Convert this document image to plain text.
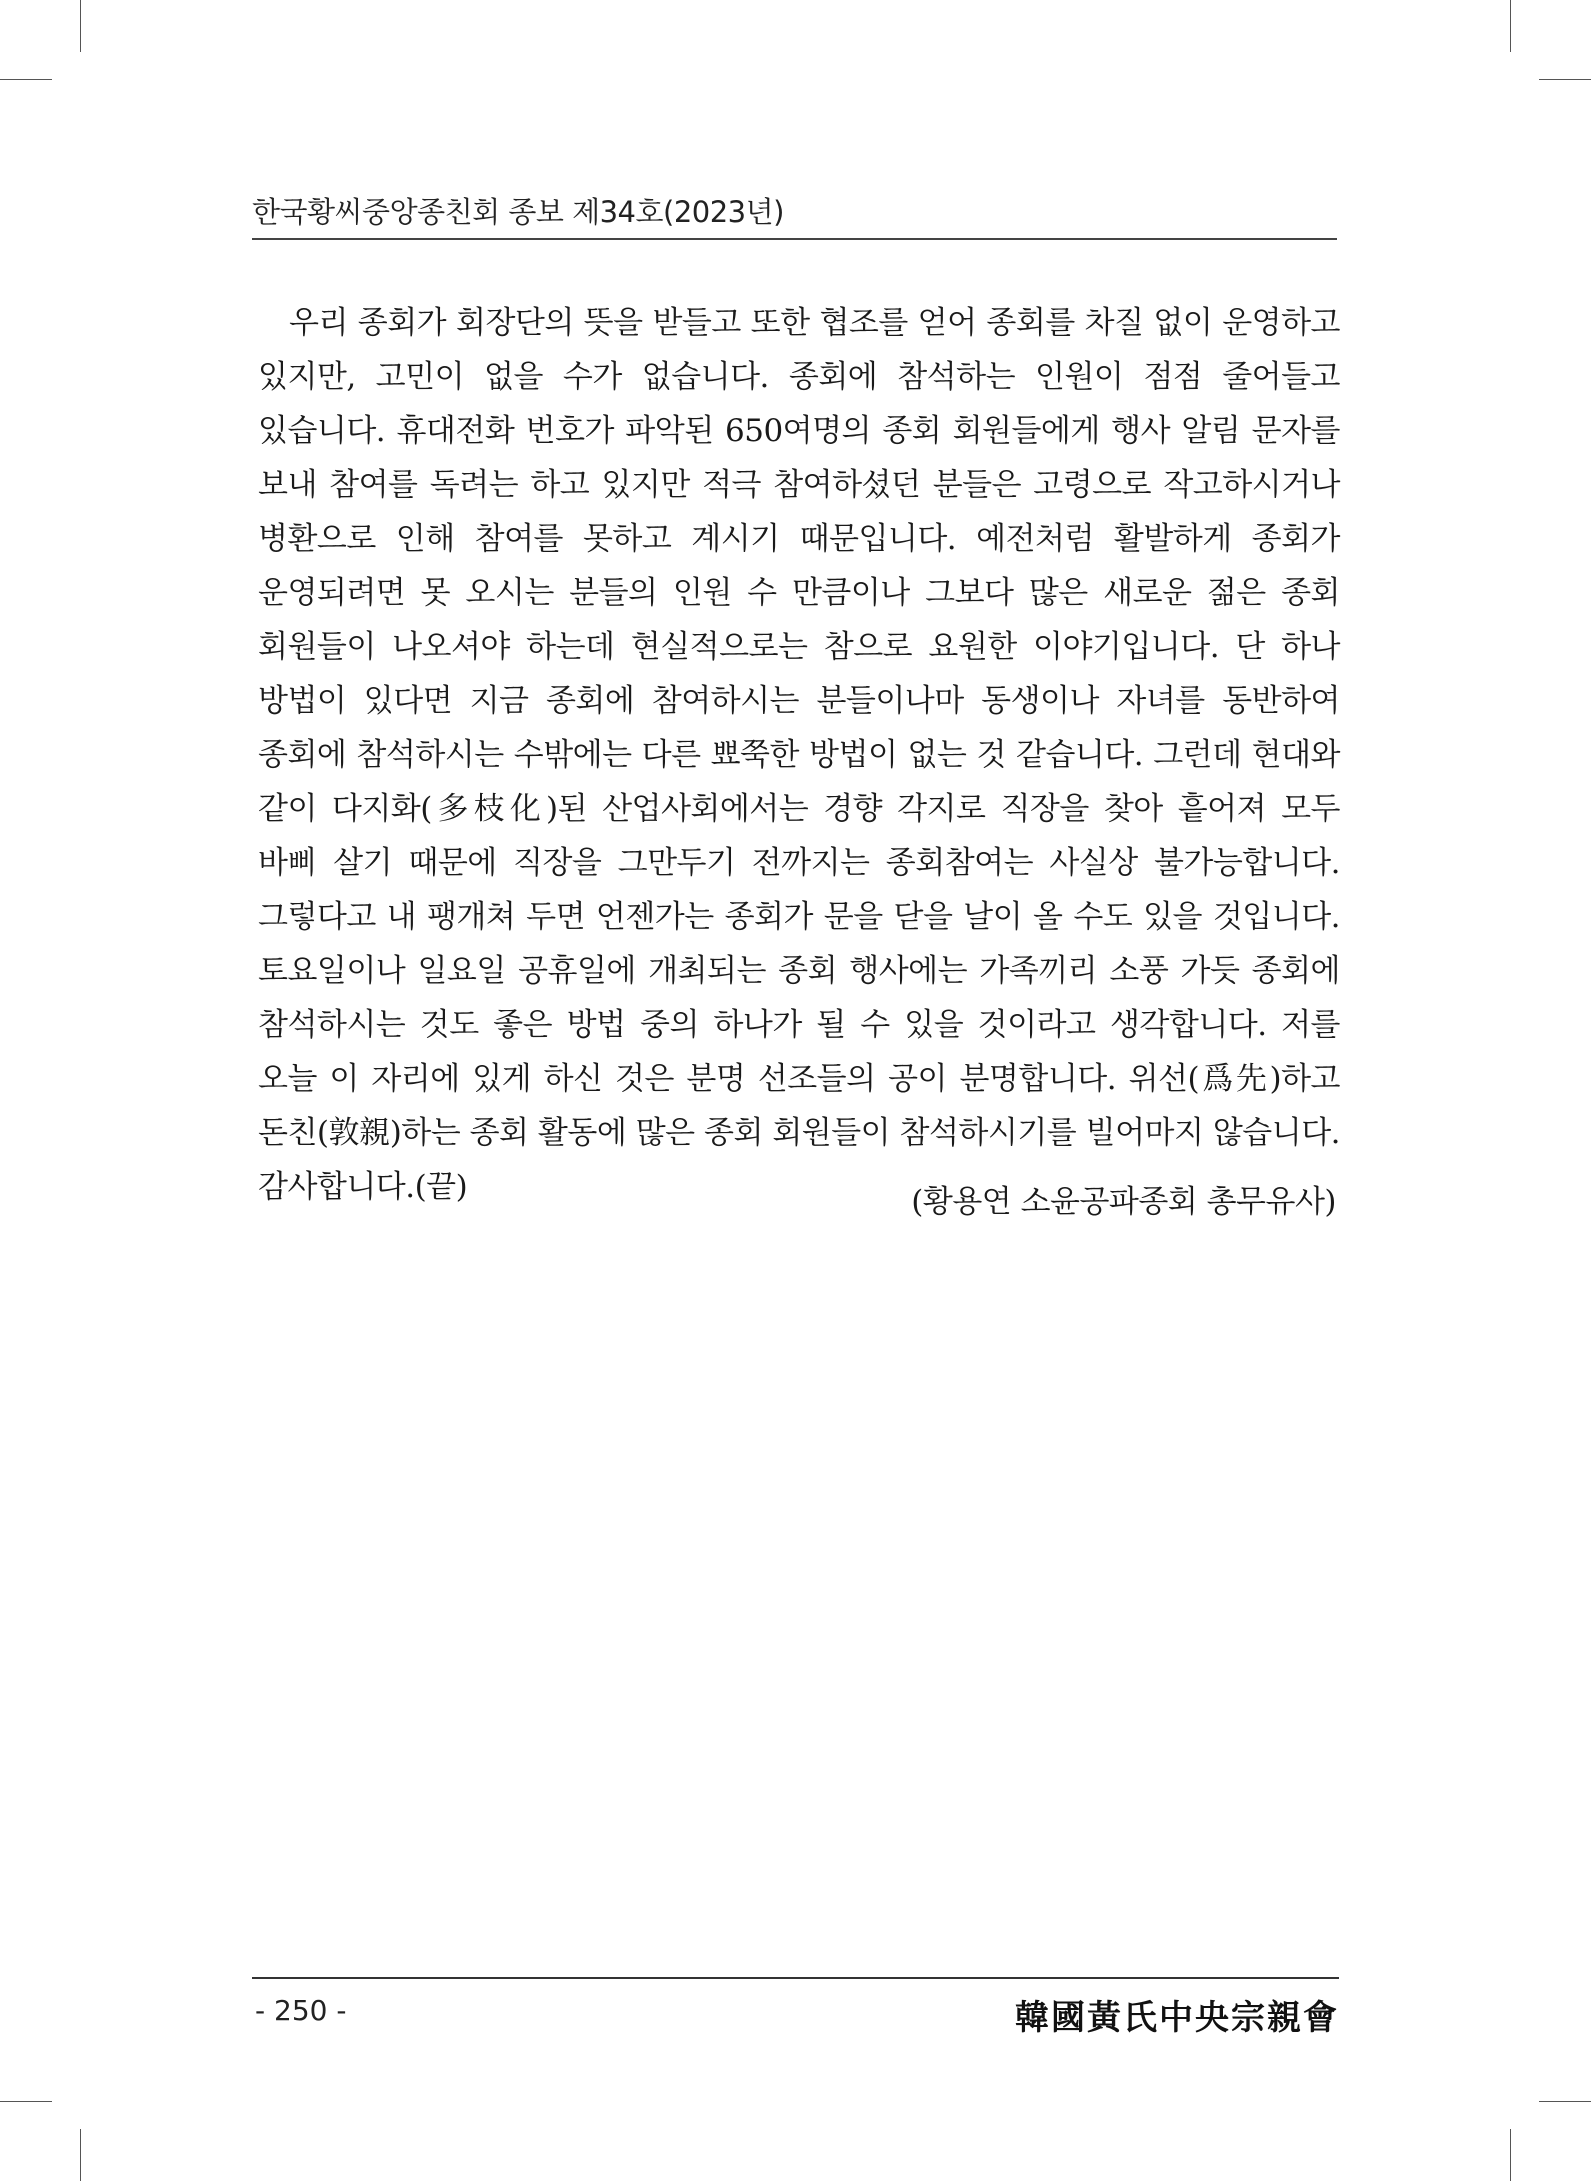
한국황씨중앙종친회 종보 제34호(2023년)

우리 종회가 회장단의 뜻을 받들고 또한 협조를 얻어 종회를 차질 없이 운영하고 있지만, 고민이 없을 수가 없습니다. 종회에 참석하는 인원이 점점 줄어들고 있습니다. 휴대전화 번호가 파악된 650여명의 종회 회원들에게 행사 알림 문자를 보내 참여를 독려는 하고 있지만 적극 참여하셨던 분들은 고령으로 작고하시거나 병환으로 인해 참여를 못하고 계시기 때문입니다. 예전처럼 활발하게 종회가 운영되려면 못 오시는 분들의 인원 수 만큼이나 그보다 많은 새로운 젊은 종회 회원들이 나오셔야 하는데 현실적으로는 참으로 요원한 이야기입니다. 단 하나 방법이 있다면 지금 종회에 참여하시는 분들이나마 동생이나 자녀를 동반하여 종회에 참석하시는 수밖에는 다른 뾰쭉한 방법이 없는 것 같습니다. 그런데 현대와 같이 다지화(多枝化)된 산업사회에서는 경향 각지로 직장을 찾아 흩어져 모두 바삐 살기 때문에 직장을 그만두기 전까지는 종회참여는 사실상 불가능합니다. 그렇다고 내 팽개쳐 두면 언젠가는 종회가 문을 닫을 날이 올 수도 있을 것입니다. 토요일이나 일요일 공휴일에 개최되는 종회 행사에는 가족끼리 소풍 가듯 종회에 참석하시는 것도 좋은 방법 중의 하나가 될 수 있을 것이라고 생각합니다. 저를 오늘 이 자리에 있게 하신 것은 분명 선조들의 공이 분명합니다. 위선(爲先)하고 돈친(敦親)하는 종회 활동에 많은 종회 회원들이 참석하시기를 빌어마지 않습니다. 감사합니다.(끝)	(황용연 소윤공파종회 총무유사)
- 250 -	韓國黃氏中央宗親會
